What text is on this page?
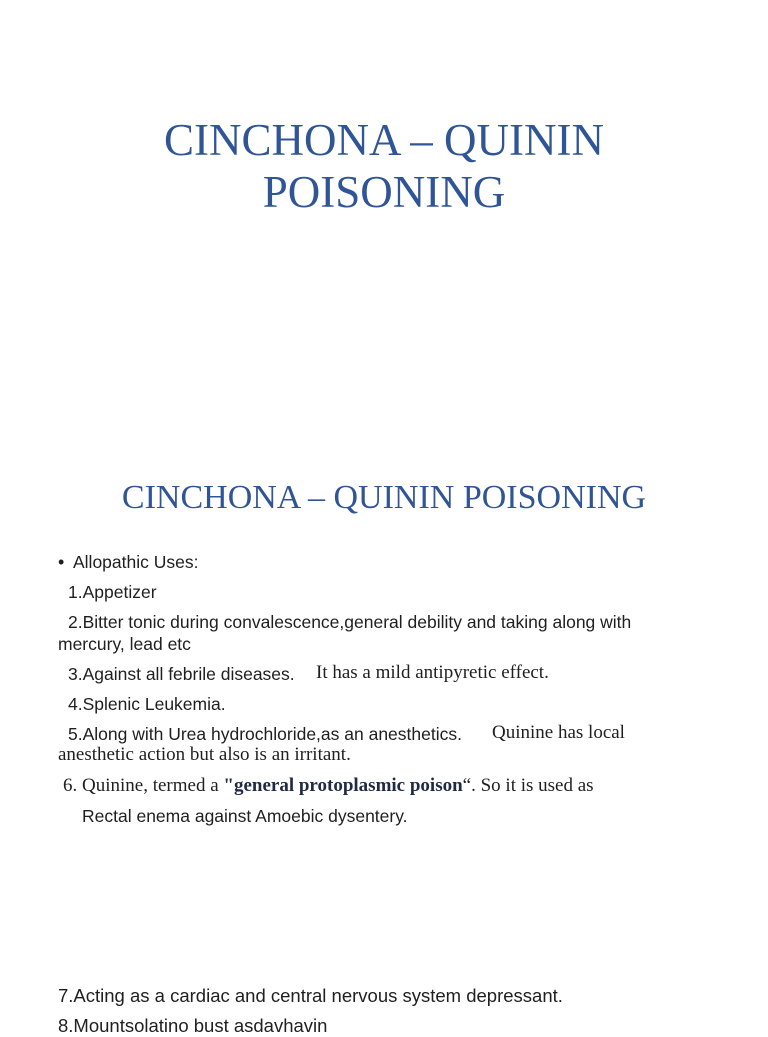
CINCHONA – QUININ
POISONING
CINCHONA – QUININ POISONING
• Allopathic Uses:

1.Appetizer

2.Bitter tonic during convalescence,general debility and taking along with

mercury, lead etc

3.Against all febrile diseases.	It has a mild antipyretic effect.

4.Splenic Leukemia.

5.Along with Urea hydrochloride,as an anesthetics.	Quinine has local

anesthetic action but also is an irritant.

6. Quinine, termed a "general protoplasmic poison“. So it is used as

Rectal enema against Amoebic dysentery.

7.Acting as a cardiac and central nervous system depressant.

8.Mountsolatino bust asdavhavin
